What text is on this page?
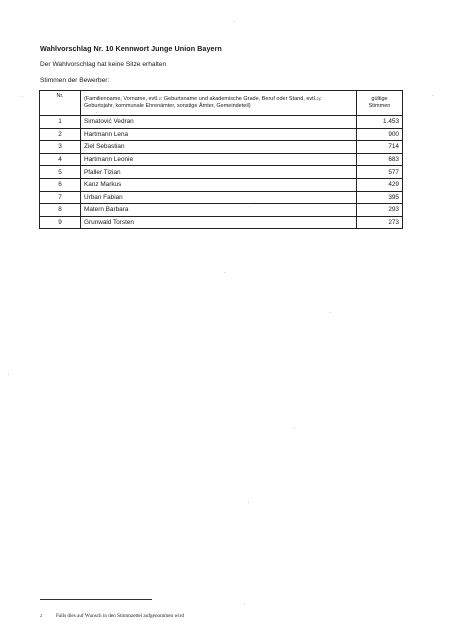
Wahlvorschlag Nr. 10 Kennwort Junge Union Bayern
Der Wahlvorschlag hat keine Sitze erhalten
Stimmen der Bewerber:
Nr.	(Familienname, Vorname, evtl.$^2$: Geburtsname und akademische Grade, Beruf oder Stand, evtl.$^{2)}$: Geburtsjahr, kommunale Ehrenämter, sonstige Ämter, Gemeindeteil)	gültige
Stimmen
1	Simatović Vedran	1.453
2	Hartmann Lena	900
3	Ziel Sebastian	714
4	Hartmann Leonie	683
5	Pfaller Tizian	577
6	Kanz Markus	429
7	Urban Fabian	395
8	Matern Barbara	293
9	Grunwald Torsten	273
2	Falls dies auf Wunsch in den Stimmzettel aufgenommen wird
